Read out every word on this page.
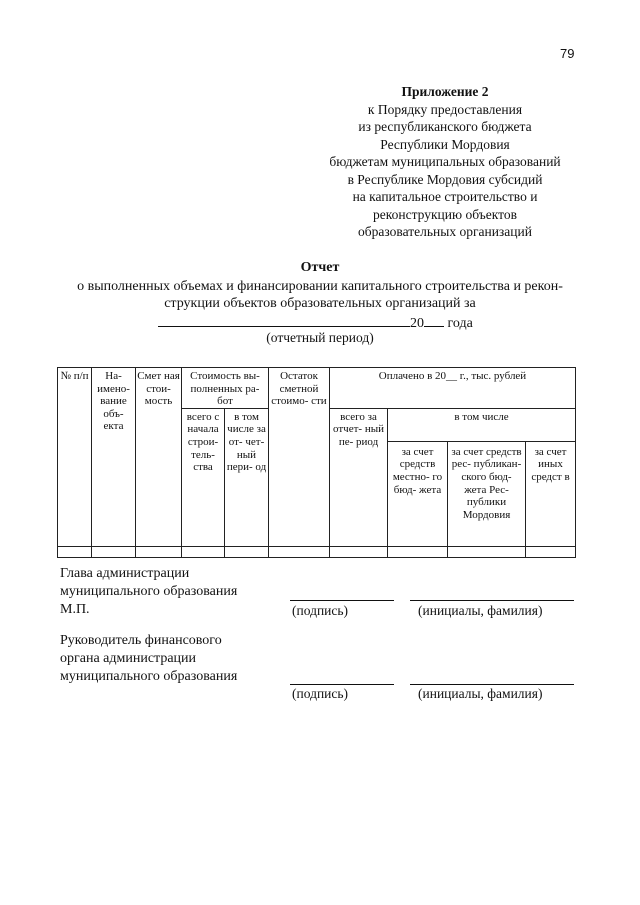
79
Приложение 2
к Порядку предоставления
из республиканского бюджета
Республики Мордовия
бюджетам муниципальных образований
в Республике Мордовия субсидий
на капитальное строительство и
реконструкцию объектов
образовательных организаций
Отчет
о выполненных объемах и финансировании капитального строительства и рекон-
струкции объектов образовательных организаций за
20 года
(отчетный период)
№ п/п	На- имено- вание объ- екта	Смет ная стои- мость	Стоимость вы- полненных ра- бот		Остаток сметной стоимо- сти	Оплачено в 20__ г., тыс. рублей			
			всего с начала строи- тель- ства	в том числе за от- чет- ный пери- од		всего за отчет- ный пе- риод	в том числе		
							за счет средств местно- го бюд- жета	за счет средств рес- публикан- ского бюд- жета Рес- публики Мордовия	за счет иных средст в

Глава администрации
муниципального образования
М.П.	(подпись)	(инициалы, фамилия)
Руководитель финансового
органа администрации
муниципального образования
(подпись)	(инициалы, фамилия)
